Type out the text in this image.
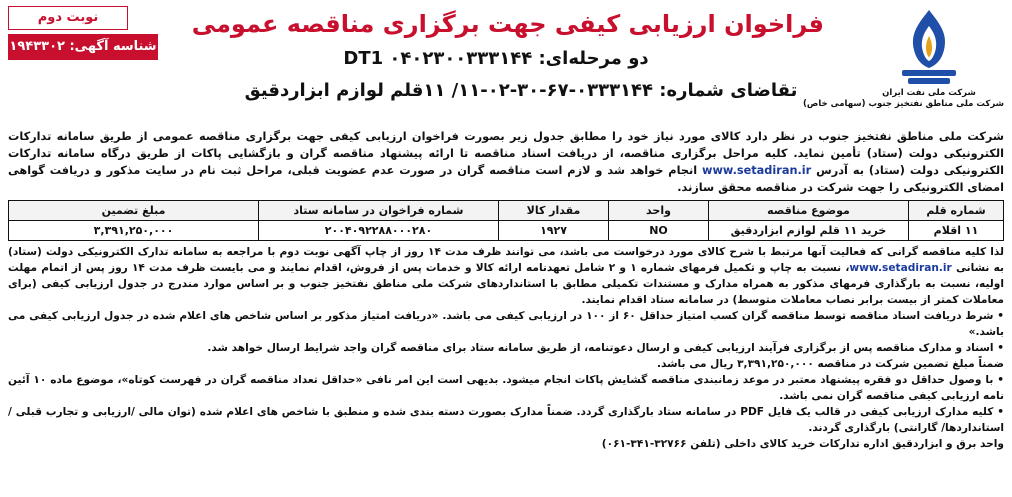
شرکت ملی نفت ایران
شرکت ملی مناطق نفتخیز جنوب (سهامی خاص)
فراخوان ارزیابی کیفی جهت برگزاری مناقصه عمومی
دو مرحله‌ای: DT1 ۰۴۰۲۳۰۰۳۳۳۱۴۴
تقاضای شماره: ۰۳۳۳۱۴۴-۶۷-۳۰-۰۲-۱۱/ ۱۱قلم لوازم ابزاردقیق
نوبت دوم
شناسه آگهی: ۱۹۴۳۳۰۲
شرکت ملی مناطق نفتخیز جنوب در نظر دارد کالای مورد نیاز خود را مطابق جدول زیر بصورت فراخوان ارزیابی کیفی جهت برگزاری مناقصه عمومی از طریق سامانه تدارکات الکترونیکی دولت (ستاد) تأمین نماید. کلیه مراحل برگزاری مناقصه، از دریافت اسناد مناقصه تا ارائه پیشنهاد مناقصه گران و بازگشایی پاکات از طریق درگاه سامانه تدارکات الکترونیکی دولت (ستاد) به آدرس www.setadiran.ir انجام خواهد شد و لازم است مناقصه گران در صورت عدم عضویت قبلی، مراحل ثبت نام در سایت مذکور و دریافت گواهی امضای الکترونیکی را جهت شرکت در مناقصه محقق سازند.
شماره قلم	موضوع مناقصه	واحد	مقدار کالا	شماره فراخوان در سامانه ستاد	مبلغ تضمین
۱۱ اقلام	خرید ۱۱ قلم لوازم ابزاردقیق	NO	۱۹۲۷	۲۰۰۴۰۹۲۲۸۸۰۰۰۲۸۰	۳,۳۹۱,۲۵۰,۰۰۰

لذا کلیه مناقصه گرانی که فعالیت آنها مرتبط با شرح کالای مورد درخواست می باشد، می توانند ظرف مدت ۱۴ روز از چاپ آگهی نوبت دوم با مراجعه به سامانه تدارک الکترونیکی دولت (ستاد) به نشانی www.setadiran.ir، نسبت به چاپ و تکمیل فرمهای شماره ۱ و ۲ شامل تعهدنامه ارائه کالا و خدمات پس از فروش، اقدام نمایند و می بایست ظرف مدت ۱۴ روز پس از اتمام مهلت اولیه، نسبت به بارگذاری فرمهای مذکور به همراه مدارک و مستندات تکمیلی مطابق با استانداردهای شرکت ملی مناطق نفتخیز جنوب و بر اساس موارد مندرج در جدول ارزیابی کیفی (برای معاملات کمتر از بیست برابر نصاب معاملات متوسط) در سامانه ستاد اقدام نمایند.

• شرط دریافت اسناد مناقصه توسط مناقصه گران کسب امتیاز حداقل ۶۰ از ۱۰۰ در ارزیابی کیفی می باشد. «دریافت امتیاز مذکور بر اساس شاخص های اعلام شده در جدول ارزیابی کیفی می باشد.»

• اسناد و مدارک مناقصه پس از برگزاری فرآیند ارزیابی کیفی و ارسال دعوتنامه، از طریق سامانه ستاد برای مناقصه گران واجد شرایط ارسال خواهد شد.

ضمناً مبلغ تضمین شرکت در مناقصه ۳,۳۹۱,۲۵۰,۰۰۰ ریال می باشد.

• با وصول حداقل دو فقره پیشنهاد معتبر در موعد زمانبندی مناقصه گشایش پاکات انجام میشود. بدیهی است این امر نافی «حداقل تعداد مناقصه گران در فهرست کوتاه»، موضوع ماده ۱۰ آئین نامه ارزیابی کیفی مناقصه گران نمی باشد.

• کلیه مدارک ارزیابی کیفی در قالب یک فایل PDF در سامانه ستاد بارگذاری گردد. ضمناً مدارک بصورت دسته بندی شده و منطبق با شاخص های اعلام شده (توان مالی /ارزیابی و تجارب قبلی /استانداردها/ گارانتی) بارگذاری گردند.

واحد برق و ابزاردقیق اداره تدارکات خرید کالای داخلی (تلفن ۳۲۷۶۶-۳۴۱-۰۶۱)
